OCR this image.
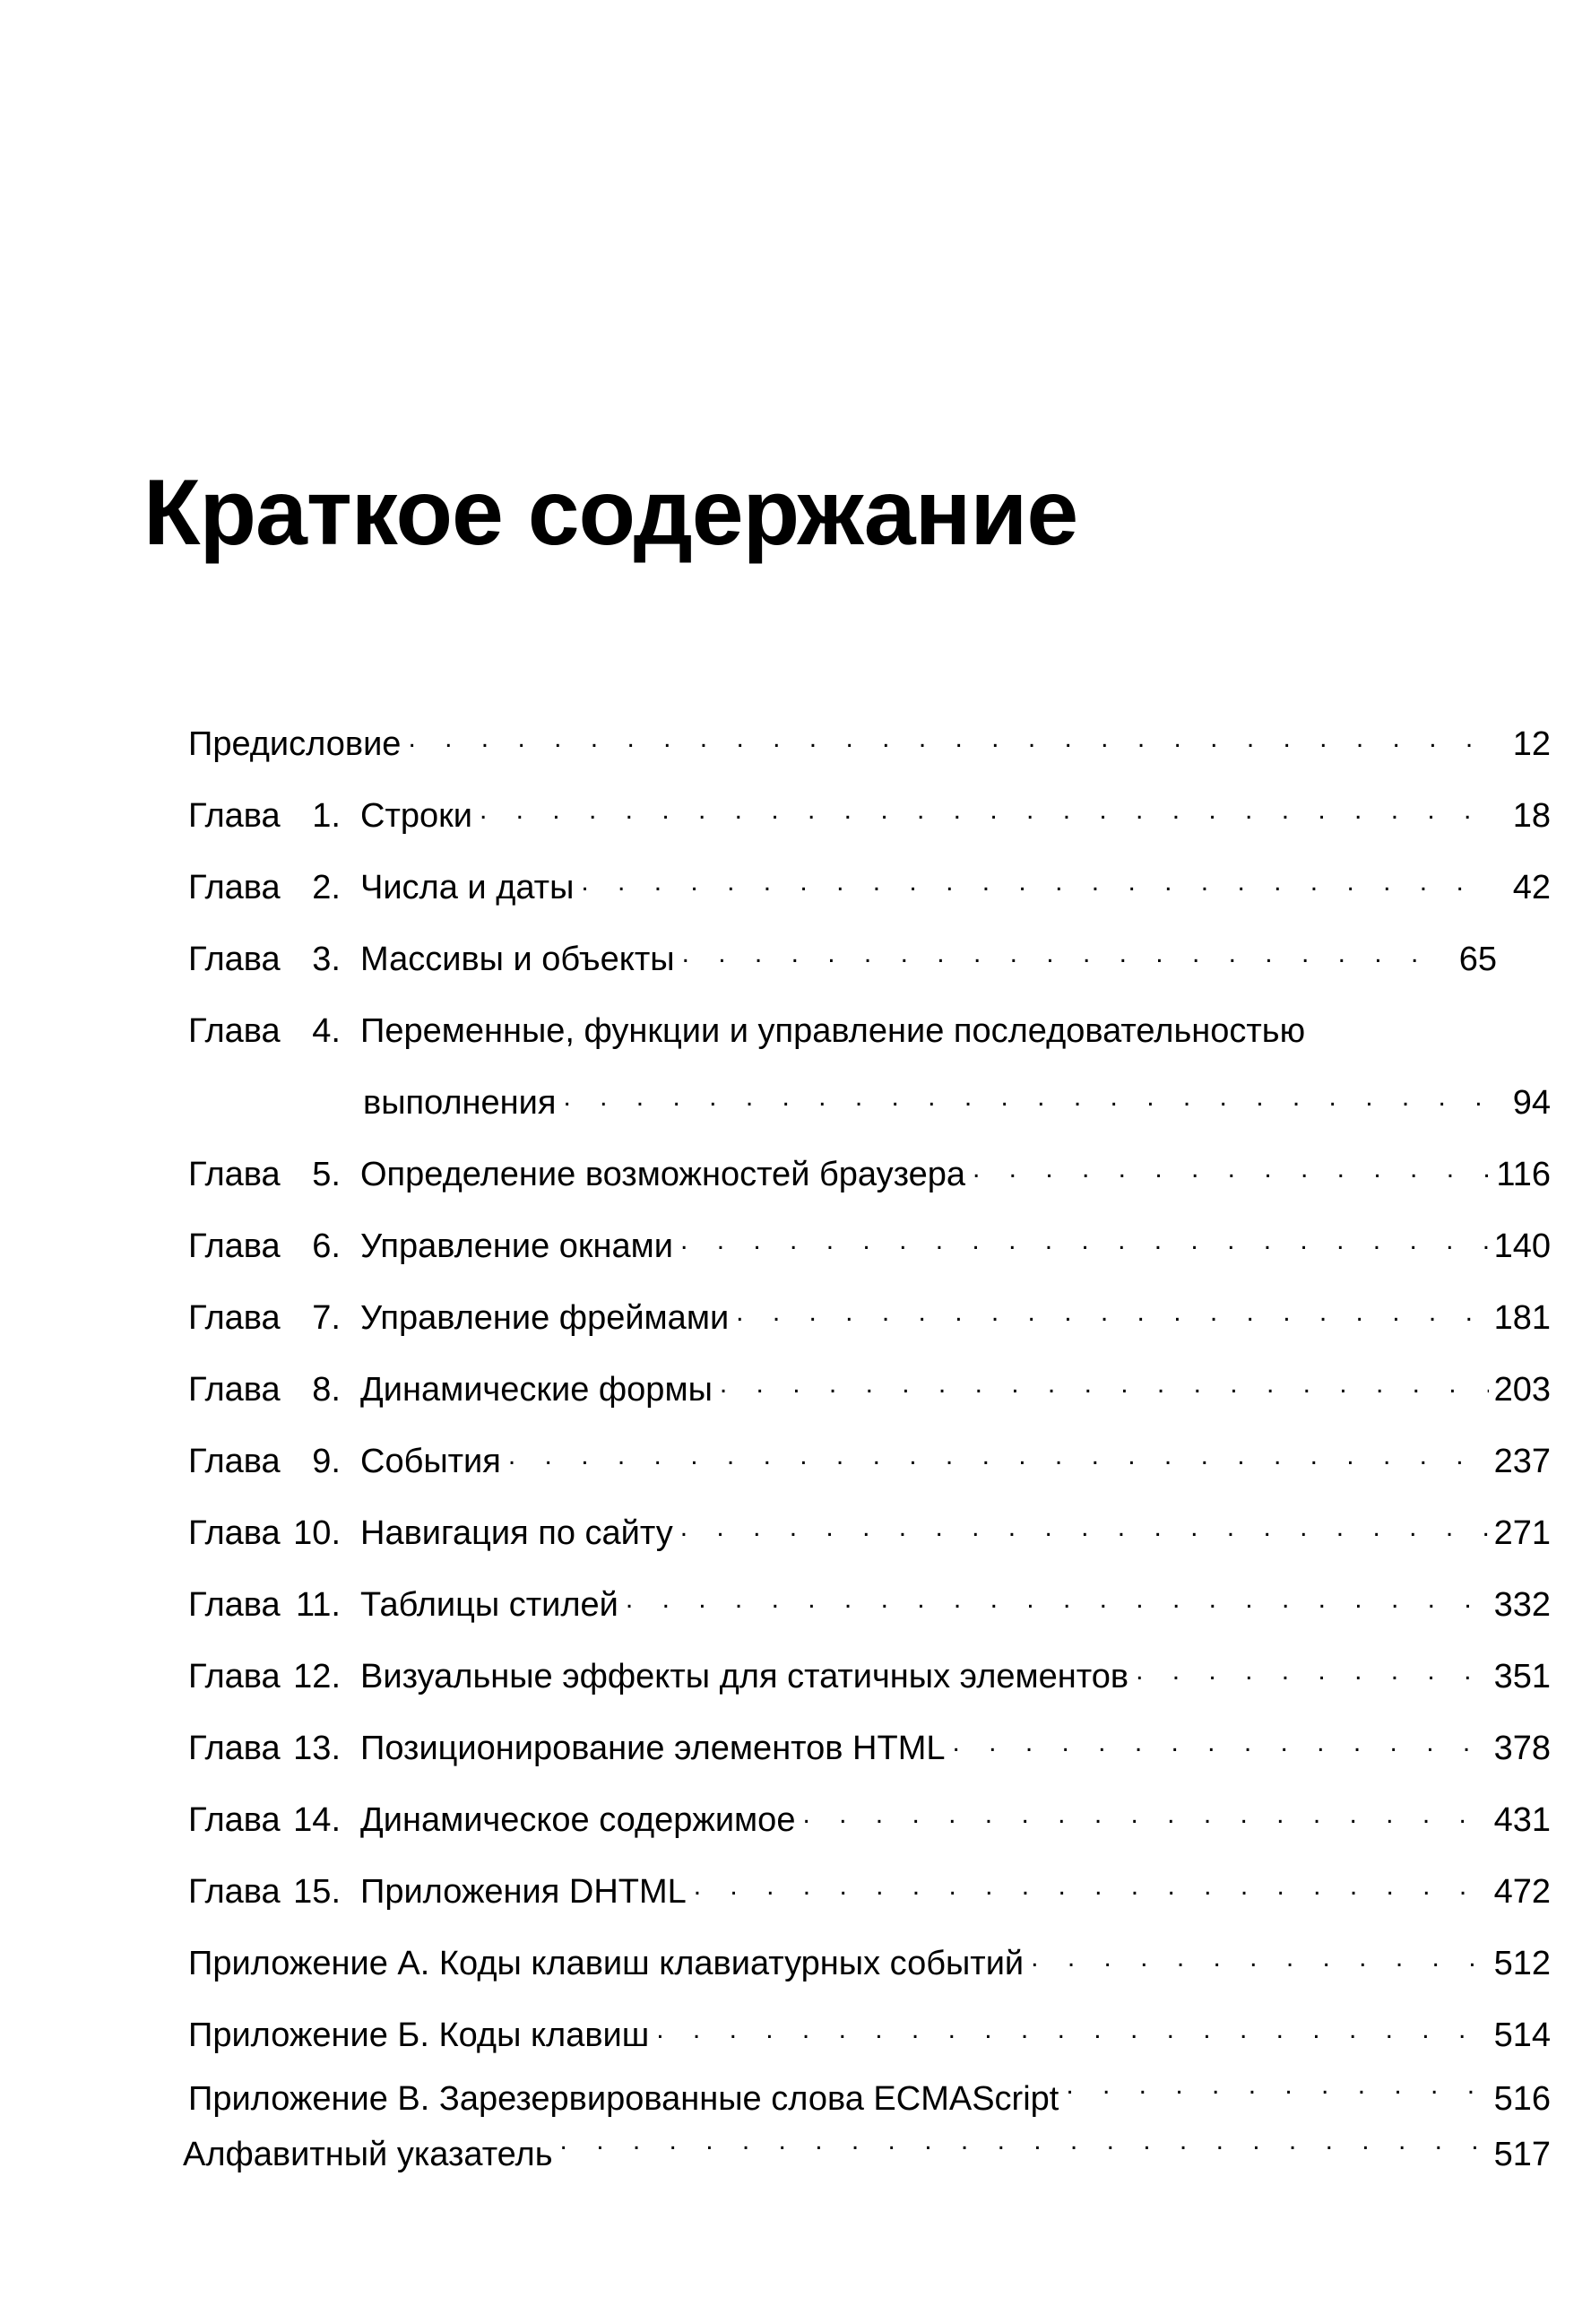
Краткое содержание
Предисловие . . .	12
Глава 1. Строки . . .	18
Глава 2. Числа и даты . . .	42
Глава 3. Массивы и объекты . . .	65
Глава 4. Переменные, функции и управление последовательностью
выполнения . . .	94
Глава 5. Определение возможностей браузера . . .	116
Глава 6. Управление окнами . . .	140
Глава 7. Управление фреймами . . .	181
Глава 8. Динамические формы . . .	203
Глава 9. События . . .	237
Глава 10. Навигация по сайту . . .	271
Глава 11. Таблицы стилей . . .	332
Глава 12. Визуальные эффекты для статичных элементов . . .	351
Глава 13. Позиционирование элементов HTML . . .	378
Глава 14. Динамическое содержимое . . .	431
Глава 15. Приложения DHTML . . .	472
Приложение А. Коды клавиш клавиатурных событий . . .	512
Приложение Б. Коды клавиш . . .	514
Приложение В. Зарезервированные слова ECMAScript . . .	516
Алфавитный указатель . . .	517
